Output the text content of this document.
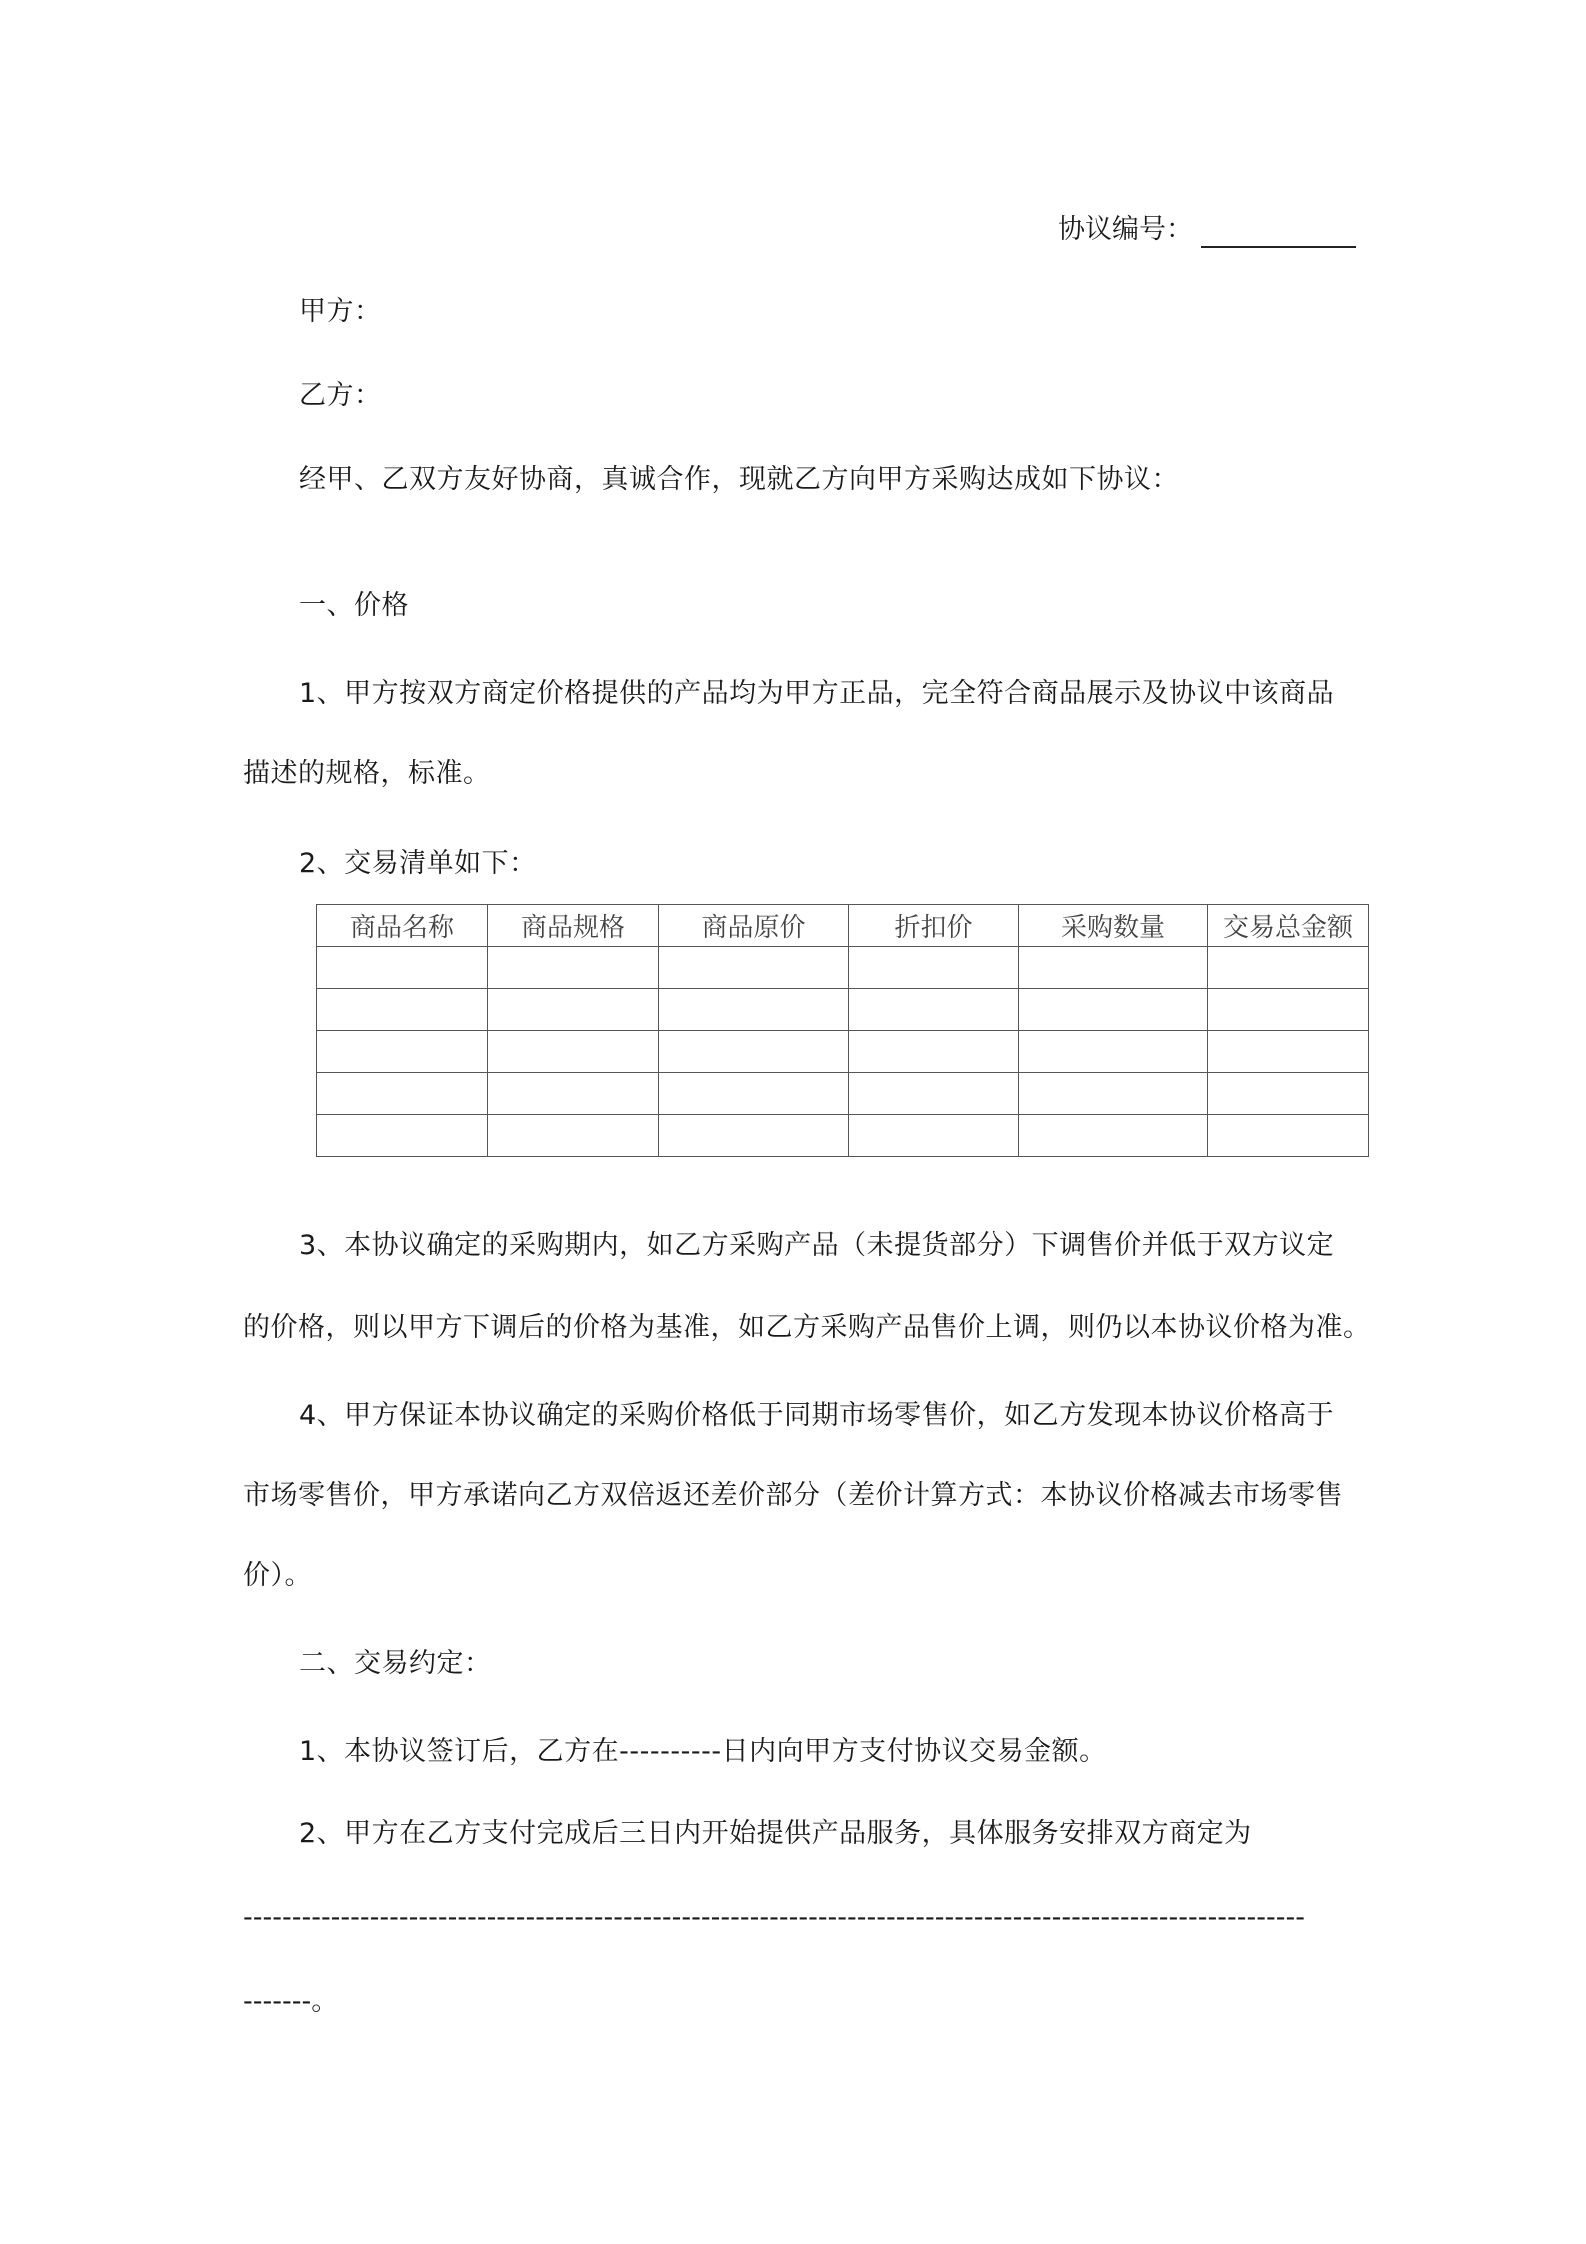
协议编号：
甲方：
乙方：
经甲、乙双方友好协商，真诚合作，现就乙方向甲方采购达成如下协议：
一、价格
1、甲方按双方商定价格提供的产品均为甲方正品，完全符合商品展示及协议中该商品
描述的规格，标准。
2、交易清单如下：
商品名称	商品规格	商品原价	折扣价	采购数量	交易总金额

3、本协议确定的采购期内，如乙方采购产品（未提货部分）下调售价并低于双方议定
的价格，则以甲方下调后的价格为基准，如乙方采购产品售价上调，则仍以本协议价格为准。
4、甲方保证本协议确定的采购价格低于同期市场零售价，如乙方发现本协议价格高于
市场零售价，甲方承诺向乙方双倍返还差价部分（差价计算方式：本协议价格减去市场零售
价）。
二、交易约定：
1、本协议签订后，乙方在----------日内向甲方支付协议交易金额。
2、甲方在乙方支付完成后三日内开始提供产品服务，具体服务安排双方商定为
-------------------------------------------------------------------------------------------------------------
-------。
